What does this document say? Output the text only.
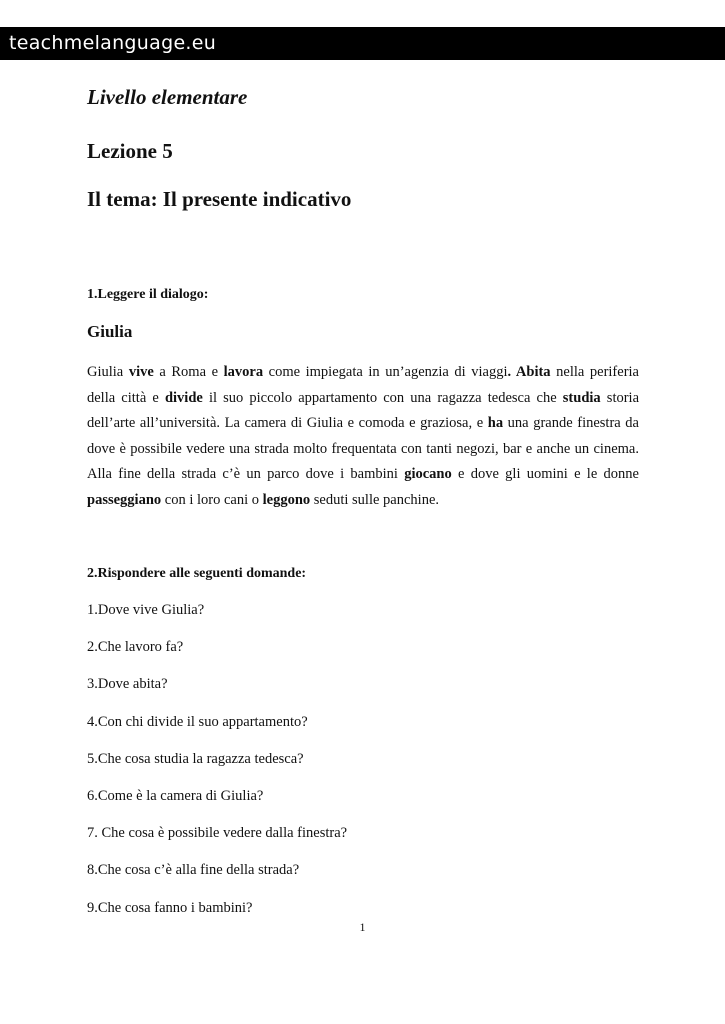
teachmelanguage.eu
Livello elementare
Lezione 5
Il tema: Il presente indicativo
1.Leggere il dialogo:
Giulia
Giulia vive a Roma e lavora come impiegata in un’agenzia di viaggi. Abita nella periferia
della città e divide il suo piccolo appartamento con una ragazza tedesca che studia storia
dell’arte all’università. La camera di Giulia e comoda e graziosa, e ha una grande finestra da
dove è possibile vedere una strada molto frequentata con tanti negozi, bar e anche un cinema.
Alla fine della strada c’è un parco dove i bambini giocano e dove gli uomini e le donne
passeggiano con i loro cani o leggono seduti sulle panchine.
2.Rispondere alle seguenti domande:
1.Dove vive Giulia?
2.Che lavoro fa?
3.Dove abita?
4.Con chi divide il suo appartamento?
5.Che cosa studia la ragazza tedesca?
6.Come è la camera di Giulia?
7. Che cosa è possibile vedere dalla finestra?
8.Che cosa c’è alla fine della strada?
9.Che cosa fanno i bambini?
1
